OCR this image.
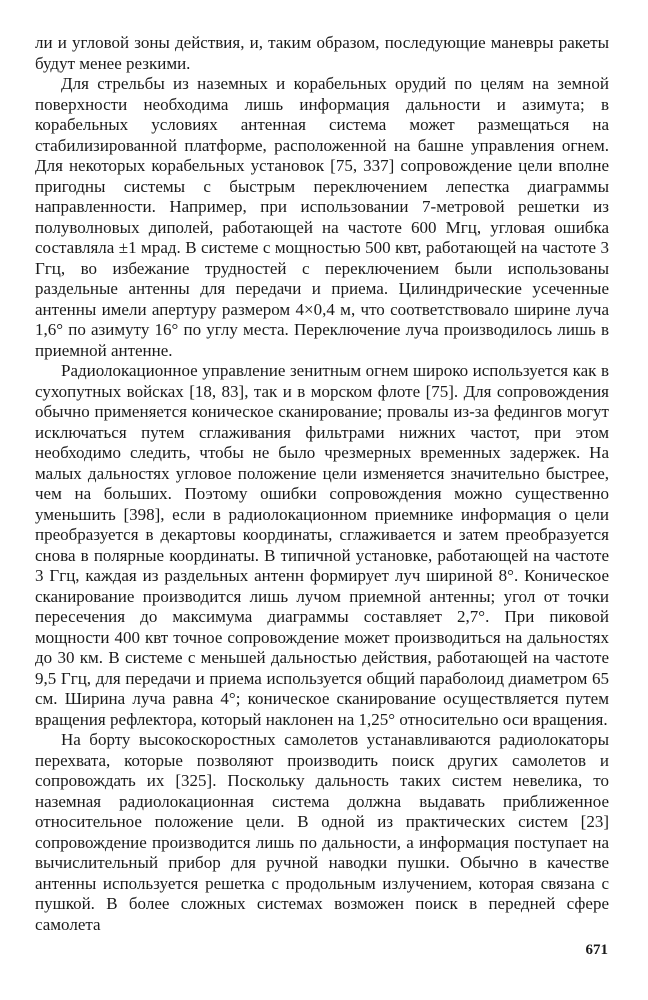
ли и угловой зоны действия, и, таким образом, последующие маневры ракеты будут менее резкими.

Для стрельбы из наземных и корабельных орудий по целям на земной поверхности необходима лишь информация дальности и азимута; в корабельных условиях антенная система может размещаться на стабилизированной платформе, расположенной на башне управления огнем. Для некоторых корабельных установок [75, 337] сопровождение цели вполне пригодны системы с быстрым переключением лепестка диаграммы направленности. Например, при использовании 7-метровой решетки из полуволновых диполей, работающей на частоте 600 Мгц, угловая ошибка составляла ±1 мрад. В системе с мощностью 500 квт, работающей на частоте 3 Ггц, во избежание трудностей с переключением были использованы раздельные антенны для передачи и приема. Цилиндрические усеченные антенны имели апертуру размером 4×0,4 м, что соответствовало ширине луча 1,6° по азимуту 16° по углу места. Переключение луча производилось лишь в приемной антенне.

Радиолокационное управление зенитным огнем широко используется как в сухопутных войсках [18, 83], так и в морском флоте [75]. Для сопровождения обычно применяется коническое сканирование; провалы из-за федингов могут исключаться путем сглаживания фильтрами нижних частот, при этом необходимо следить, чтобы не было чрезмерных временных задержек. На малых дальностях угловое положение цели изменяется значительно быстрее, чем на больших. Поэтому ошибки сопровождения можно существенно уменьшить [398], если в радиолокационном приемнике информация о цели преобразуется в декартовы координаты, сглаживается и затем преобразуется снова в полярные координаты. В типичной установке, работающей на частоте 3 Ггц, каждая из раздельных антенн формирует луч шириной 8°. Коническое сканирование производится лишь лучом приемной антенны; угол от точки пересечения до максимума диаграммы составляет 2,7°. При пиковой мощности 400 квт точное сопровождение может производиться на дальностях до 30 км. В системе с меньшей дальностью действия, работающей на частоте 9,5 Ггц, для передачи и приема используется общий параболоид диаметром 65 см. Ширина луча равна 4°; коническое сканирование осуществляется путем вращения рефлектора, который наклонен на 1,25° относительно оси вращения.

На борту высокоскоростных самолетов устанавливаются радиолокаторы перехвата, которые позволяют производить поиск других самолетов и сопровождать их [325]. Поскольку дальность таких систем невелика, то наземная радиолокационная система должна выдавать приближенное относительное положение цели. В одной из практических систем [23] сопровождение производится лишь по дальности, а информация поступает на вычислительный прибор для ручной наводки пушки. Обычно в качестве антенны используется решетка с продольным излучением, которая связана с пушкой. В более сложных системах возможен поиск в передней сфере самолета

671
